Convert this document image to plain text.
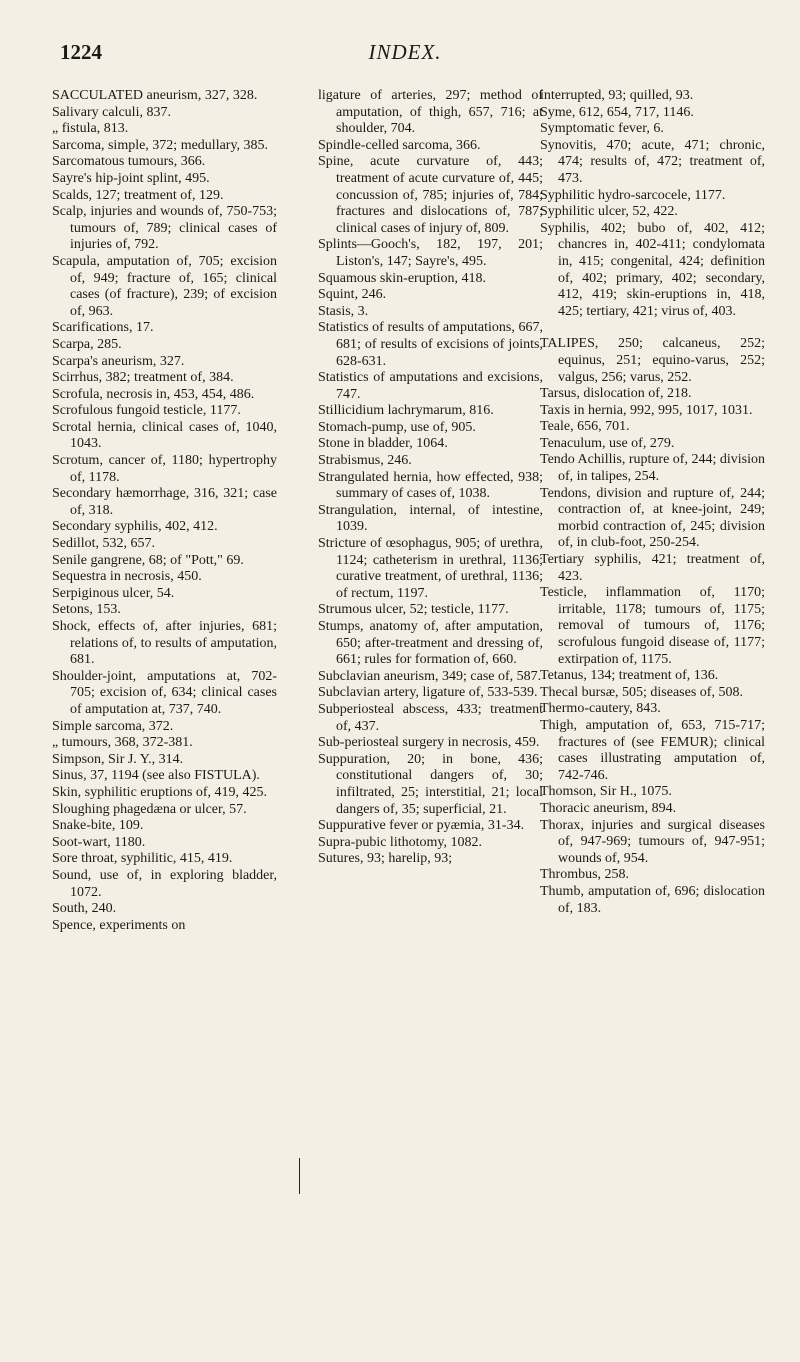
1224	INDEX.

SACCULATED aneurism, 327, 328.

Salivary calculi, 837.

„ fistula, 813.

Sarcoma, simple, 372; medullary, 385.

Sarcomatous tumours, 366.

Sayre's hip-joint splint, 495.

Scalds, 127; treatment of, 129.

Scalp, injuries and wounds of, 750-753; tumours of, 789; clinical cases of injuries of, 792.

Scapula, amputation of, 705; excision of, 949; fracture of, 165; clinical cases (of fracture), 239; of excision of, 963.

Scarifications, 17.

Scarpa, 285.

Scarpa's aneurism, 327.

Scirrhus, 382; treatment of, 384.

Scrofula, necrosis in, 453, 454, 486.

Scrofulous fungoid testicle, 1177.

Scrotal hernia, clinical cases of, 1040, 1043.

Scrotum, cancer of, 1180; hypertrophy of, 1178.

Secondary hæmorrhage, 316, 321; case of, 318.

Secondary syphilis, 402, 412.

Sedillot, 532, 657.

Senile gangrene, 68; of "Pott," 69.

Sequestra in necrosis, 450.

Serpiginous ulcer, 54.

Setons, 153.

Shock, effects of, after injuries, 681; relations of, to results of amputation, 681.

Shoulder-joint, amputations at, 702-705; excision of, 634; clinical cases of amputation at, 737, 740.

Simple sarcoma, 372.

„ tumours, 368, 372-381.

Simpson, Sir J. Y., 314.

Sinus, 37, 1194 (see also FISTULA).

Skin, syphilitic eruptions of, 419, 425.

Sloughing phagedæna or ulcer, 57.

Snake-bite, 109.

Soot-wart, 1180.

Sore throat, syphilitic, 415, 419.

Sound, use of, in exploring bladder, 1072.

South, 240.

Spence, experiments on

ligature of arteries, 297; method of amputation, of thigh, 657, 716; at shoulder, 704.

Spindle-celled sarcoma, 366.

Spine, acute curvature of, 443; treatment of acute curvature of, 445; concussion of, 785; injuries of, 784; fractures and dislocations of, 787; clinical cases of injury of, 809.

Splints—Gooch's, 182, 197, 201; Liston's, 147; Sayre's, 495.

Squamous skin-eruption, 418.

Squint, 246.

Stasis, 3.

Statistics of results of amputations, 667, 681; of results of excisions of joints, 628-631.

Statistics of amputations and excisions, 747.

Stillicidium lachrymarum, 816.

Stomach-pump, use of, 905.

Stone in bladder, 1064.

Strabismus, 246.

Strangulated hernia, how effected, 938; summary of cases of, 1038.

Strangulation, internal, of intestine, 1039.

Stricture of œsophagus, 905; of urethra, 1124; catheterism in urethral, 1136; curative treatment, of urethral, 1136; of rectum, 1197.

Strumous ulcer, 52; testicle, 1177.

Stumps, anatomy of, after amputation, 650; after-treatment and dressing of, 661; rules for formation of, 660.

Subclavian aneurism, 349; case of, 587.

Subclavian artery, ligature of, 533-539.

Subperiosteal abscess, 433; treatment of, 437.

Sub-periosteal surgery in necrosis, 459.

Suppuration, 20; in bone, 436; constitutional dangers of, 30; infiltrated, 25; interstitial, 21; local dangers of, 35; superficial, 21.

Suppurative fever or pyæmia, 31-34.

Supra-pubic lithotomy, 1082.

Sutures, 93; harelip, 93;

interrupted, 93; quilled, 93.

Syme, 612, 654, 717, 1146.

Symptomatic fever, 6.

Synovitis, 470; acute, 471; chronic, 474; results of, 472; treatment of, 473.

Syphilitic hydro-sarcocele, 1177.

Syphilitic ulcer, 52, 422.

Syphilis, 402; bubo of, 402, 412; chancres in, 402-411; condylomata in, 415; congenital, 424; definition of, 402; primary, 402; secondary, 412, 419; skin-eruptions in, 418, 425; tertiary, 421; virus of, 403.

TALIPES, 250; calcaneus, 252; equinus, 251; equino-varus, 252; valgus, 256; varus, 252.

Tarsus, dislocation of, 218.

Taxis in hernia, 992, 995, 1017, 1031.

Teale, 656, 701.

Tenaculum, use of, 279.

Tendo Achillis, rupture of, 244; division of, in talipes, 254.

Tendons, division and rupture of, 244; contraction of, at knee-joint, 249; morbid contraction of, 245; division of, in club-foot, 250-254.

Tertiary syphilis, 421; treatment of, 423.

Testicle, inflammation of, 1170; irritable, 1178; tumours of, 1175; removal of tumours of, 1176; scrofulous fungoid disease of, 1177; extirpation of, 1175.

Tetanus, 134; treatment of, 136.

Thecal bursæ, 505; diseases of, 508.

Thermo-cautery, 843.

Thigh, amputation of, 653, 715-717; fractures of (see FEMUR); clinical cases illustrating amputation of, 742-746.

Thomson, Sir H., 1075.

Thoracic aneurism, 894.

Thorax, injuries and surgical diseases of, 947-969; tumours of, 947-951; wounds of, 954.

Thrombus, 258.

Thumb, amputation of, 696; dislocation of, 183.
